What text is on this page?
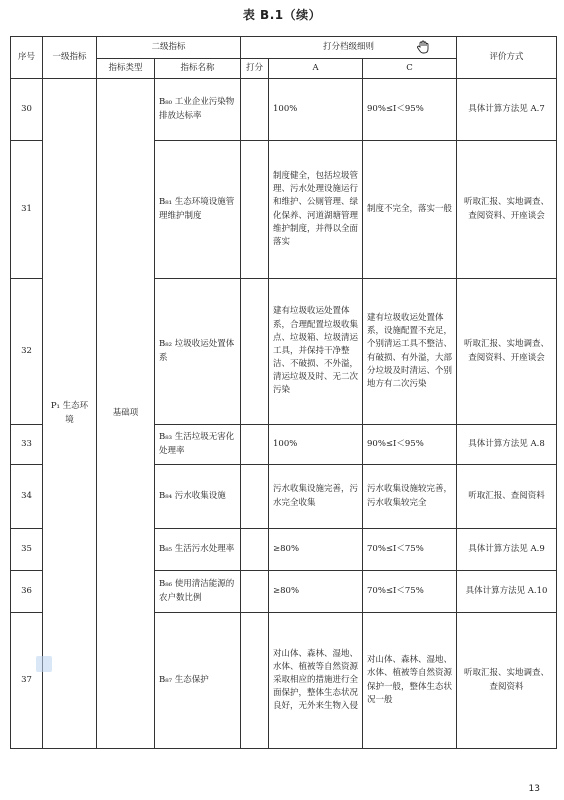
表 B.1（续）
序号	一级指标	二级指标		打分档级细则			评价方式
		指标类型	指标名称	打分	A	C	
30	P₁ 生态环境	基础项	B₈₀ 工业企业污染物排放达标率		100%	90%≤I＜95%	具体计算方法见 A.7
31			B₈₁ 生态环境设施管理维护制度		制度健全，包括垃圾管理、污水处理设施运行和维护、公厕管理、绿化保养、河道湖塘管理维护制度，并得以全面落实	制度不完全，落实一般	听取汇报、实地调查、查阅资料、开座谈会
32			B₈₂ 垃圾收运处置体系		建有垃圾收运处置体系，合理配置垃圾收集点、垃圾箱、垃圾清运工具，并保持干净整洁、不破损、不外溢，清运垃圾及时、无二次污染	建有垃圾收运处置体系，设施配置不充足，个别清运工具不整洁、有破损、有外溢，大部分垃圾及时清运、个别地方有二次污染	听取汇报、实地调查、查阅资料、开座谈会
33			B₈₃ 生活垃圾无害化处理率		100%	90%≤I＜95%	具体计算方法见 A.8
34			B₈₄ 污水收集设施		污水收集设施完善，污水完全收集	污水收集设施较完善，污水收集较完全	听取汇报、查阅资料
35			B₈₅ 生活污水处理率		≥80%	70%≤I＜75%	具体计算方法见 A.9
36			B₈₆ 使用清洁能源的农户数比例		≥80%	70%≤I＜75%	具体计算方法见 A.10
37			B₈₇ 生态保护		对山体、森林、湿地、水体、植被等自然资源采取相应的措施进行全面保护，整体生态状况良好，无外来生物入侵	对山体、森林、湿地、水体、植被等自然资源保护一般，整体生态状况一般	听取汇报、实地调查、查阅资料
13
